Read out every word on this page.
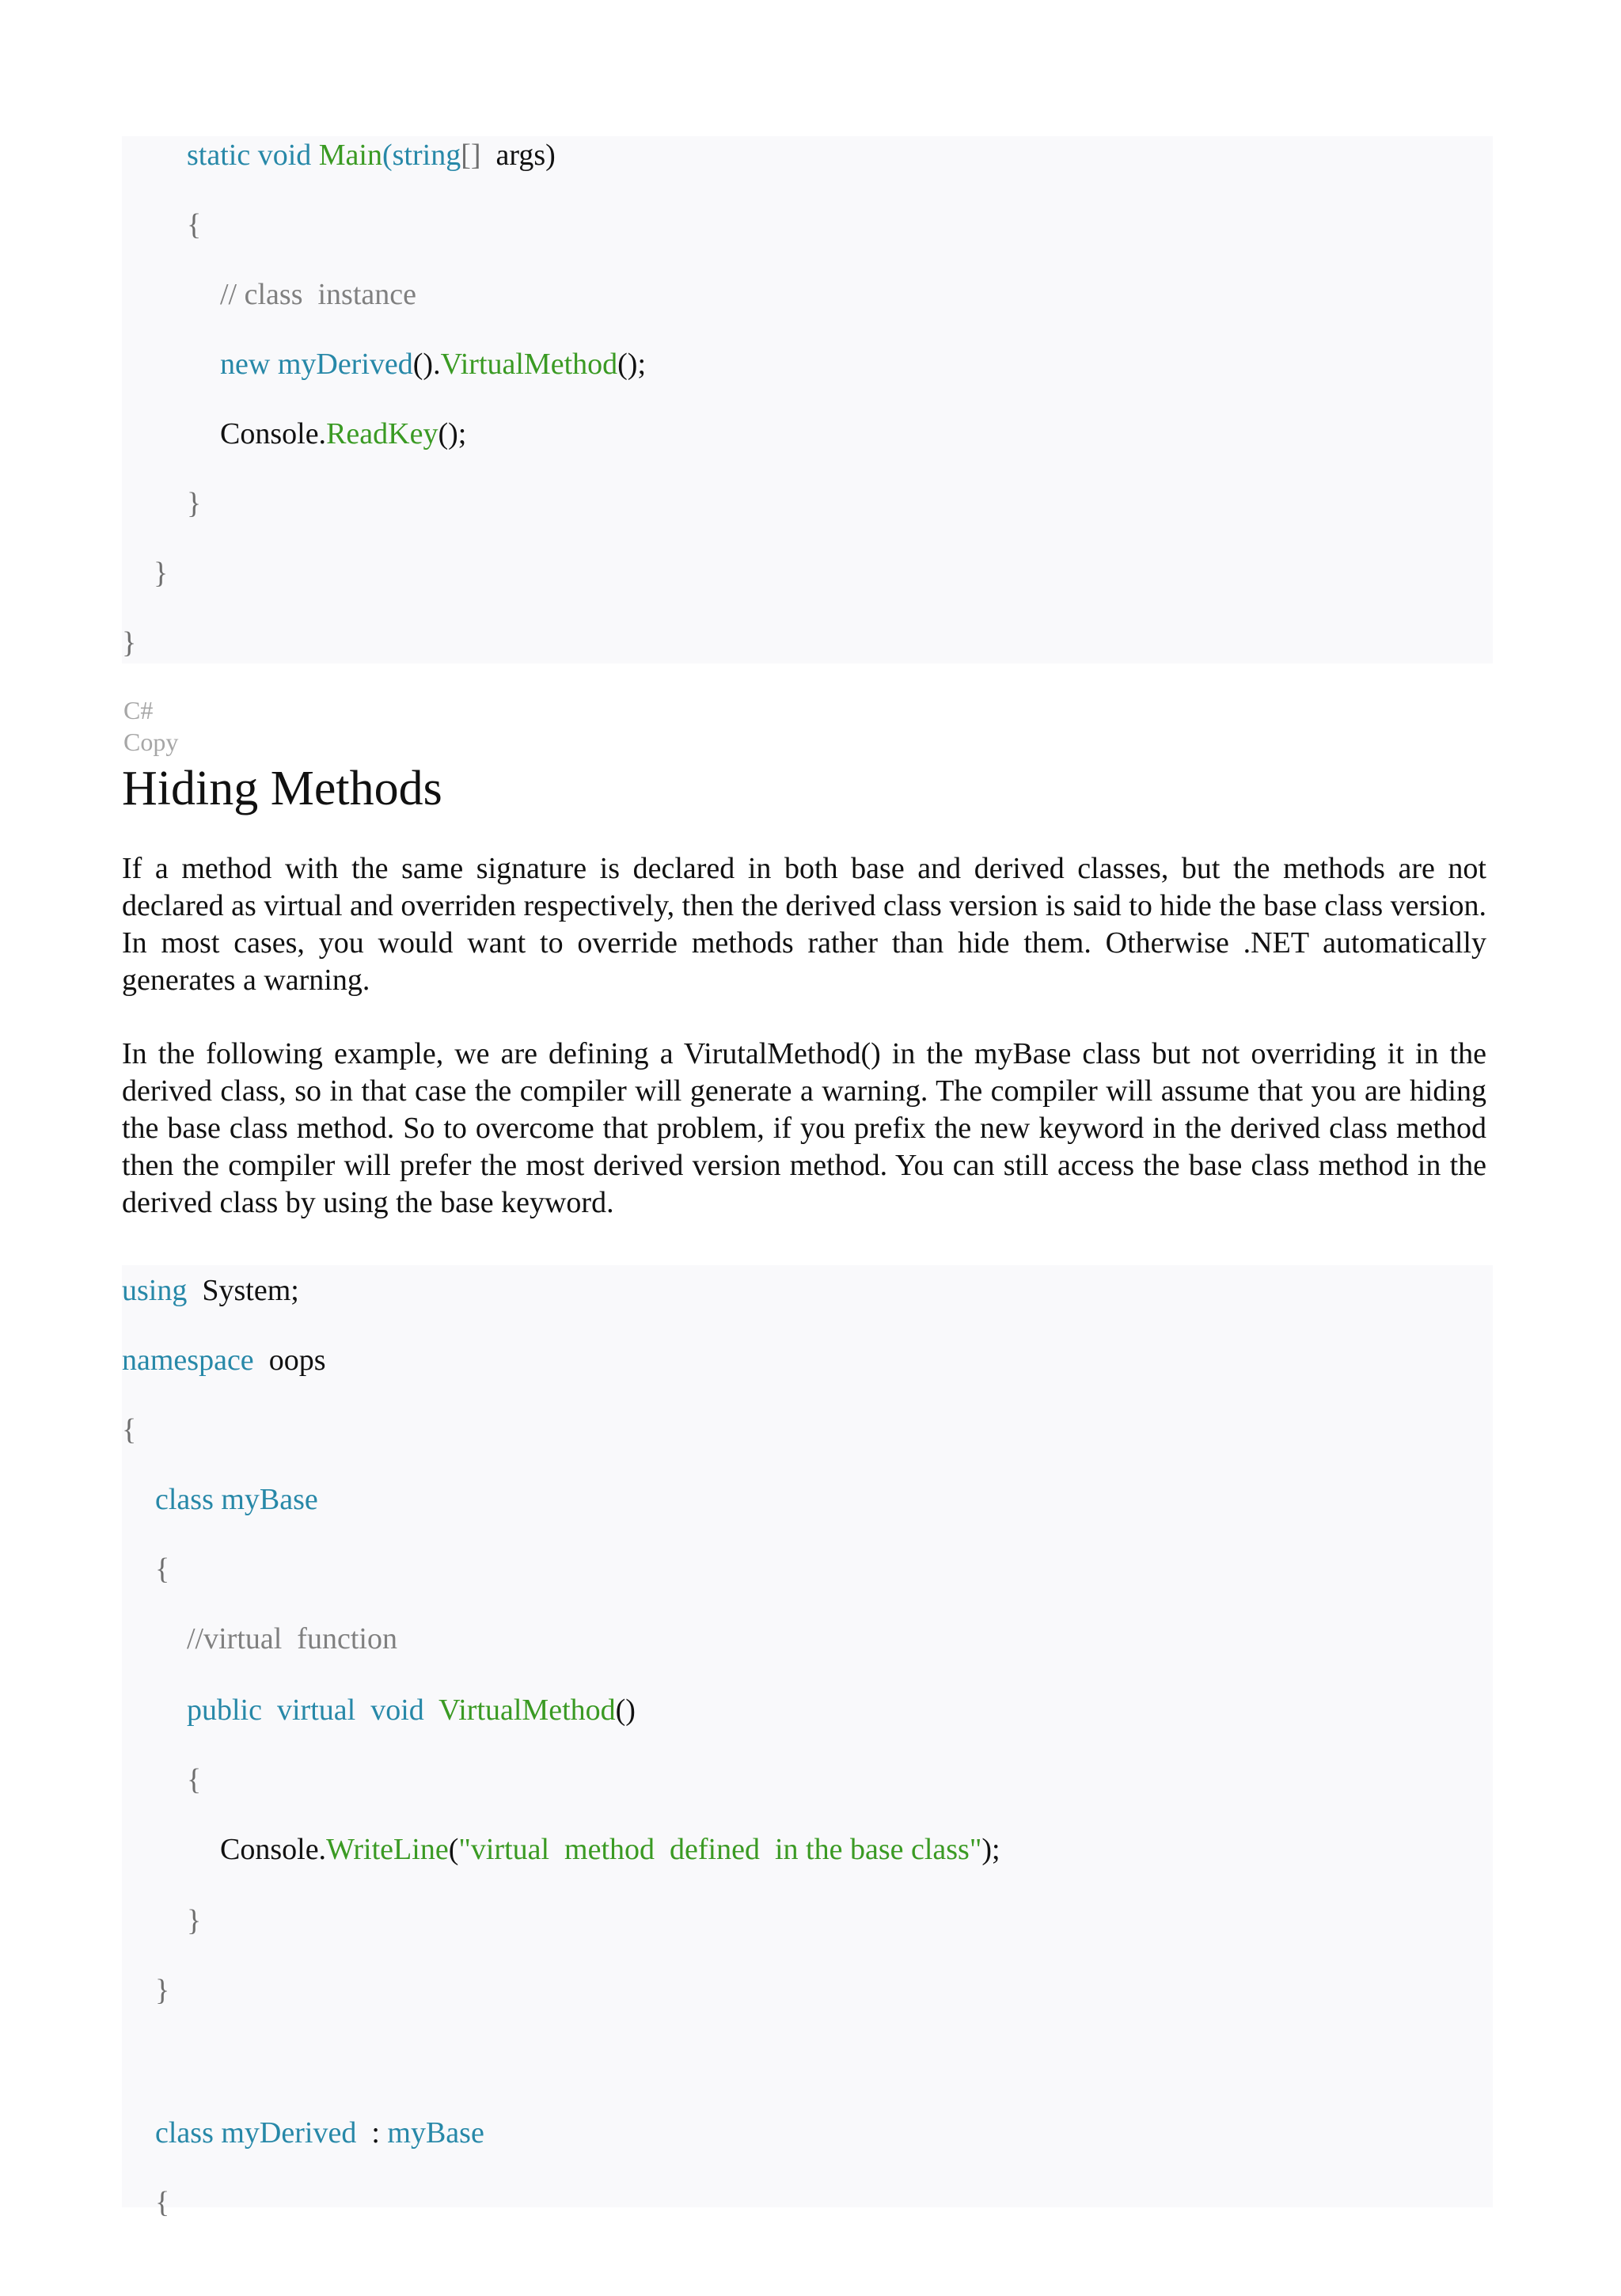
static void Main(string[]  args)
{
// class  instance
new myDerived().VirtualMethod();
Console.ReadKey();
}
}
}
C#
Copy
Hiding Methods

If a method with the same signature is declared in both base and derived classes, but the methods are not declared as virtual and overriden respectively, then the derived class version is said to hide the base class version. In most cases, you would want to override methods rather than hide them. Otherwise .NET automatically generates a warning.

In the following example, we are defining a VirutalMethod() in the myBase class but not overriding it in the derived class, so in that case the compiler will generate a warning. The compiler will assume that you are hiding the base class method. So to overcome that problem, if you prefix the new keyword in the derived class method then the compiler will prefer the most derived version method. You can still access the base class method in the derived class by using the base keyword.

using  System;
namespace  oops
{
class myBase
{
//virtual  function
public virtual void VirtualMethod()
{
Console.WriteLine("virtual  method  defined  in the base class");
}
}
class myDerived  : myBase
{
